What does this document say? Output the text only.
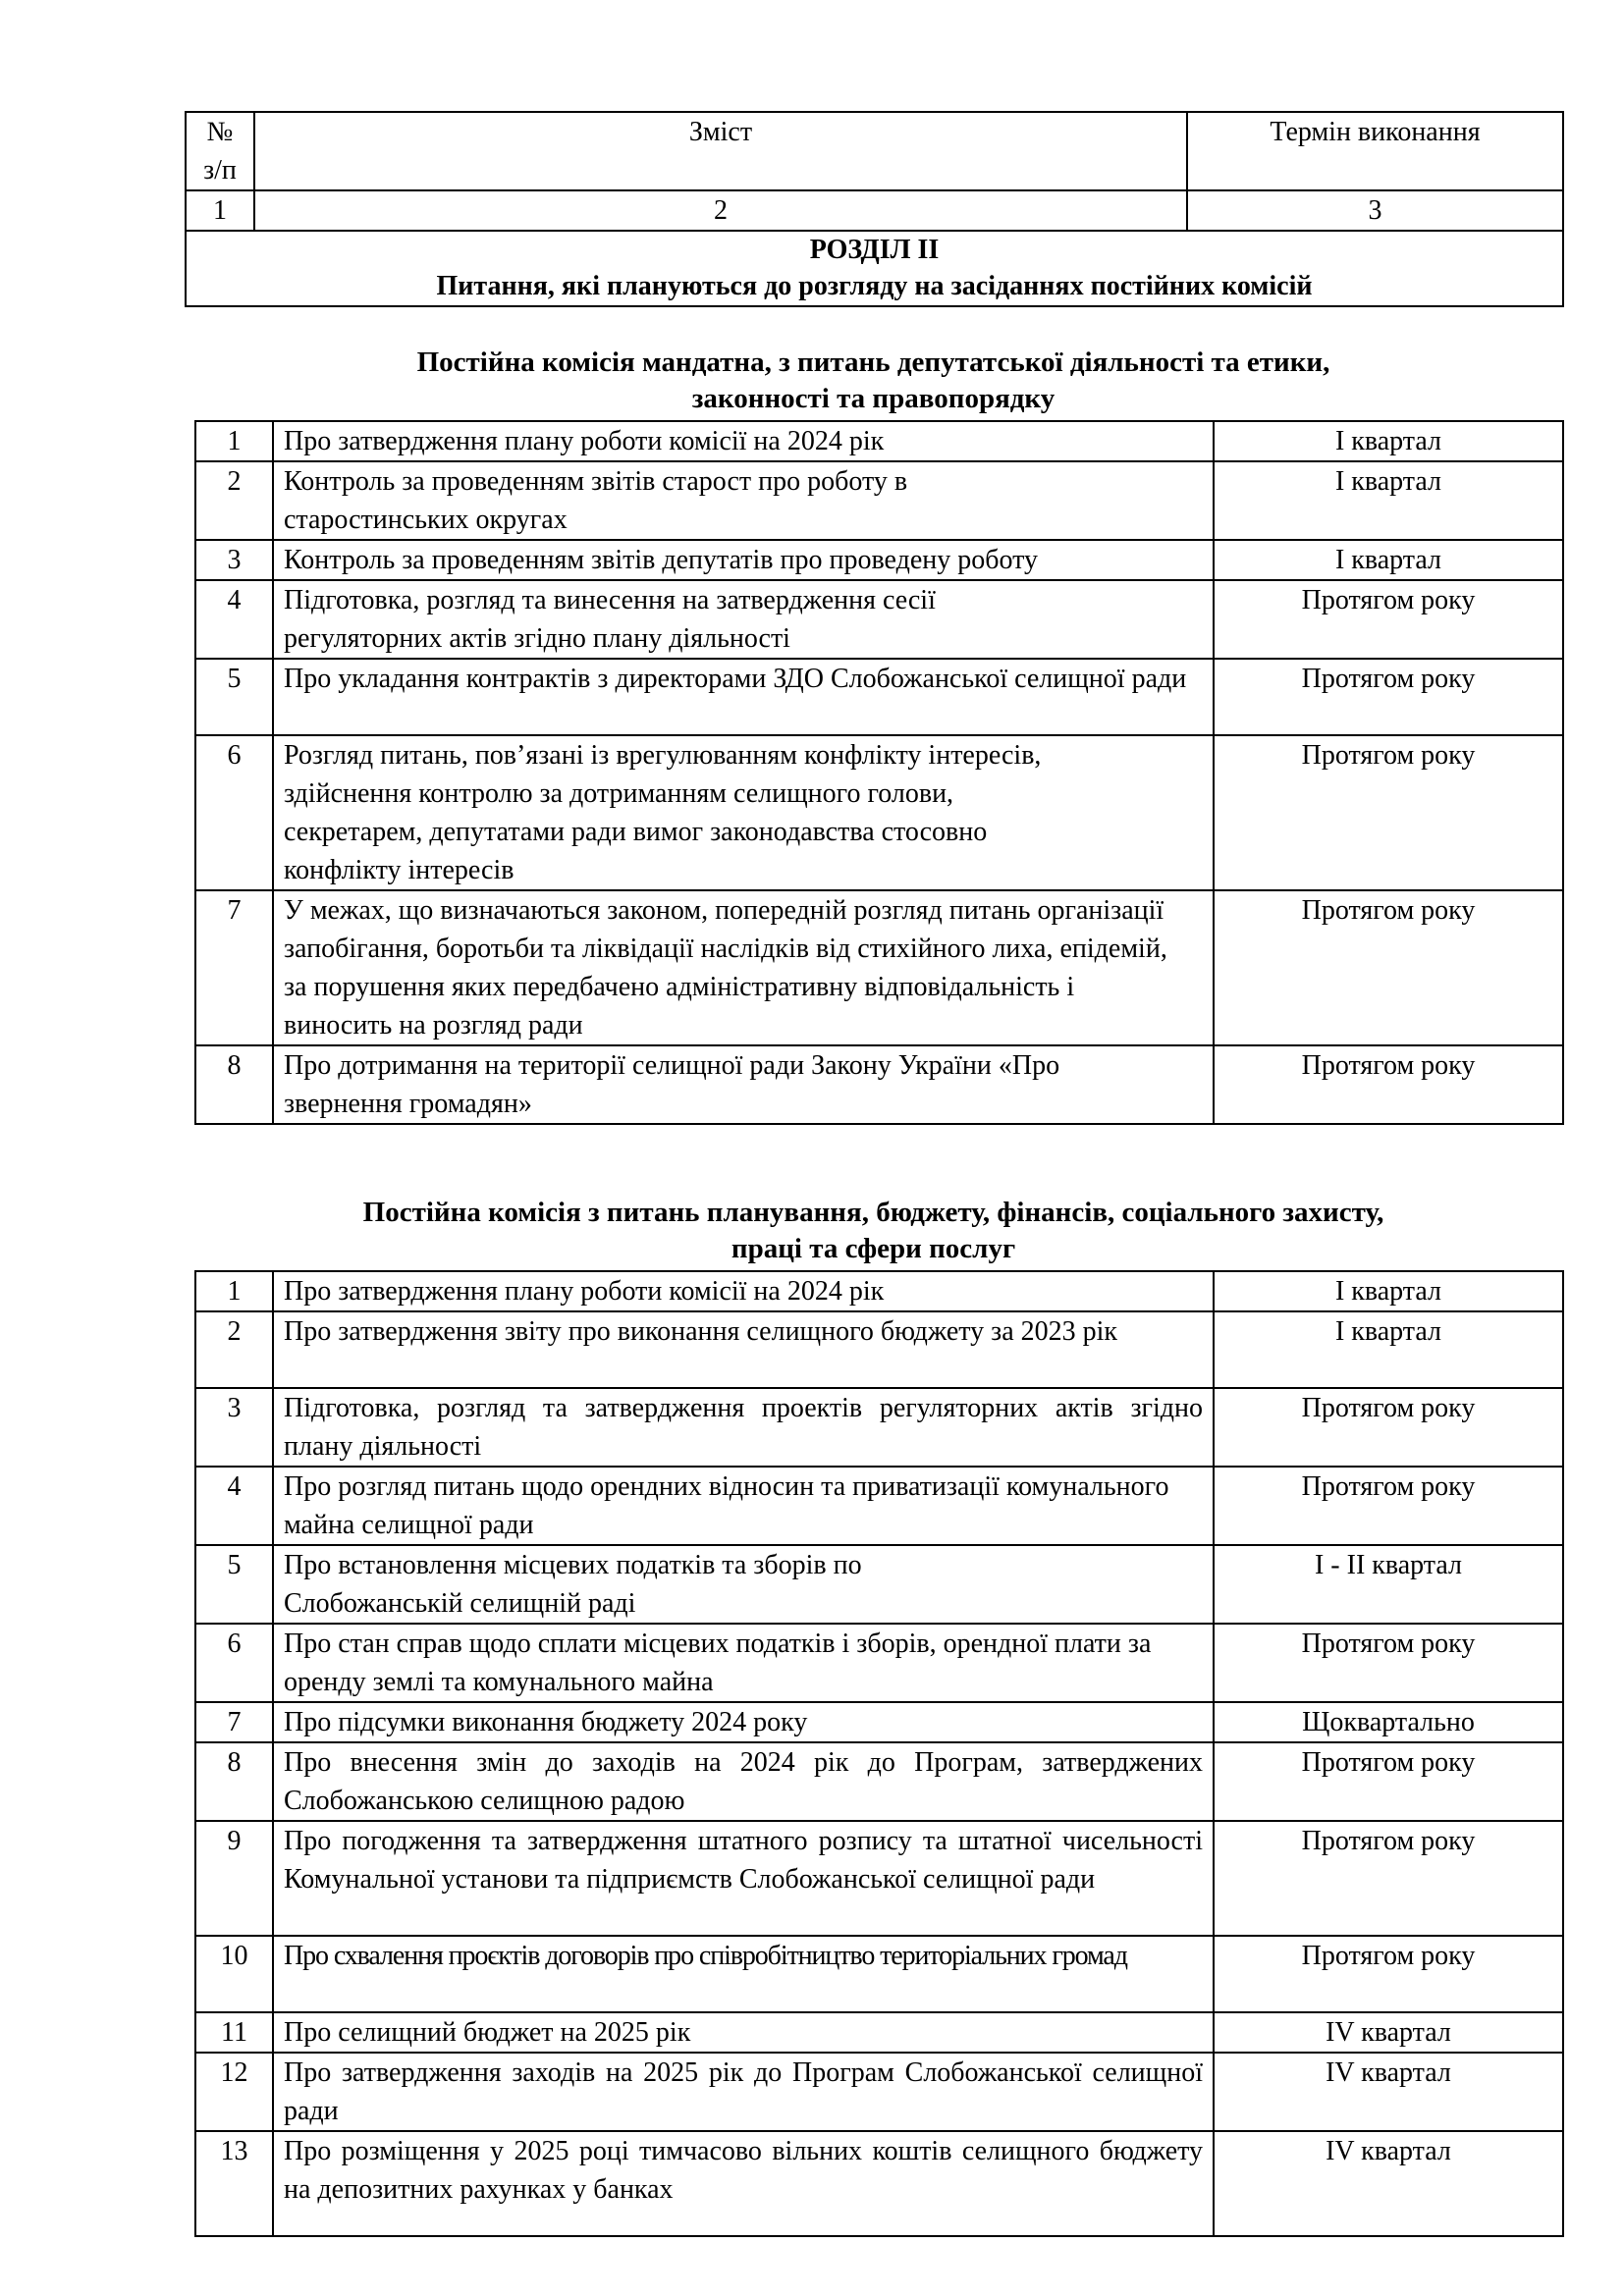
№
з/п	Зміст	Термін виконання
1	2	3

РОЗДІЛ ІІ
Питання, які плануються до розгляду на засіданнях постійних комісій		
Постійна комісія мандатна, з питань депутатської діяльності та етики,
законності та правопорядку
1	Про затвердження плану роботи комісії на 2024 рік	І квартал
2	Контроль за проведенням звітів старост про роботу в старостинських округах	І квартал
3	Контроль за проведенням звітів депутатів про проведену роботу	І квартал
4	Підготовка, розгляд та винесення на затвердження сесії регуляторних актів згідно плану діяльності	Протягом року
5	Про укладання контрактів з директорами ЗДО Слобожанської селищної ради	Протягом року
6	Розгляд питань, пов’язані із врегулюванням конфлікту інтересів, здійснення контролю за дотриманням селищного голови, секретарем, депутатами ради вимог законодавства стосовно конфлікту інтересів	Протягом року
7	У межах, що визначаються законом, попередній розгляд питань організації запобігання, боротьби та ліквідації наслідків від стихійного лиха, епідемій, за порушення яких передбачено адміністративну відповідальність і виносить на розгляд ради	Протягом року
8	Про дотримання на території селищної ради Закону України «Про звернення громадян»	Протягом року
Постійна комісія з питань планування, бюджету, фінансів, соціального захисту,
праці та сфери послуг
1	Про затвердження плану роботи комісії на 2024 рік	І квартал
2	Про затвердження звіту про виконання селищного бюджету за 2023 рік	І квартал
3	Підготовка, розгляд та затвердження проектів регуляторних актів згідно плану діяльності	Протягом року
4	Про розгляд питань щодо орендних відносин та приватизації комунального майна селищної ради	Протягом року
5	Про встановлення місцевих податків та зборів по Слобожанській селищній раді	І - ІІ квартал
6	Про стан справ щодо сплати місцевих податків і зборів, орендної плати за оренду землі та комунального майна	Протягом року
7	Про підсумки виконання бюджету 2024 року	Щоквартально
8	Про внесення змін до заходів на 2024 рік до Програм, затверджених Слобожанською селищною радою	Протягом року
9	Про погодження та затвердження штатного розпису та штатної чисельності Комунальної установи та підприємств Слобожанської селищної ради	Протягом року
10	Про схвалення проєктів договорів про співробітництво територіальних громад	Протягом року
11	Про селищний бюджет на 2025 рік	ІV квартал
12	Про затвердження заходів на 2025 рік до Програм Слобожанської селищної ради	ІV квартал
13	Про розміщення у 2025 році тимчасово вільних коштів селищного бюджету на депозитних рахунках у банках	ІV квартал
